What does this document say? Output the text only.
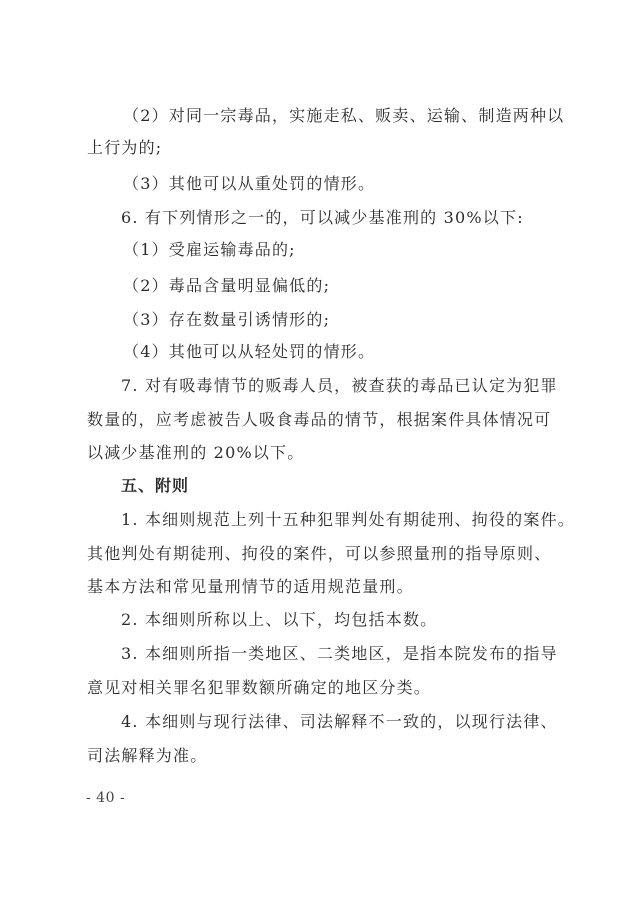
（2）对同一宗毒品，实施走私、贩卖、运输、制造两种以
上行为的;
（3）其他可以从重处罚的情形。
6. 有下列情形之一的，可以减少基准刑的 30%以下:
（1）受雇运输毒品的;
（2）毒品含量明显偏低的;
（3）存在数量引诱情形的;
（4）其他可以从轻处罚的情形。
7. 对有吸毒情节的贩毒人员，被查获的毒品已认定为犯罪
数量的，应考虑被告人吸食毒品的情节，根据案件具体情况可
以减少基准刑的 20%以下。
五、附则
1. 本细则规范上列十五种犯罪判处有期徒刑、拘役的案件。
其他判处有期徒刑、拘役的案件，可以参照量刑的指导原则、
基本方法和常见量刑情节的适用规范量刑。
2. 本细则所称以上、以下，均包括本数。
3. 本细则所指一类地区、二类地区，是指本院发布的指导
意见对相关罪名犯罪数额所确定的地区分类。
4. 本细则与现行法律、司法解释不一致的，以现行法律、
司法解释为准。
- 40 -
